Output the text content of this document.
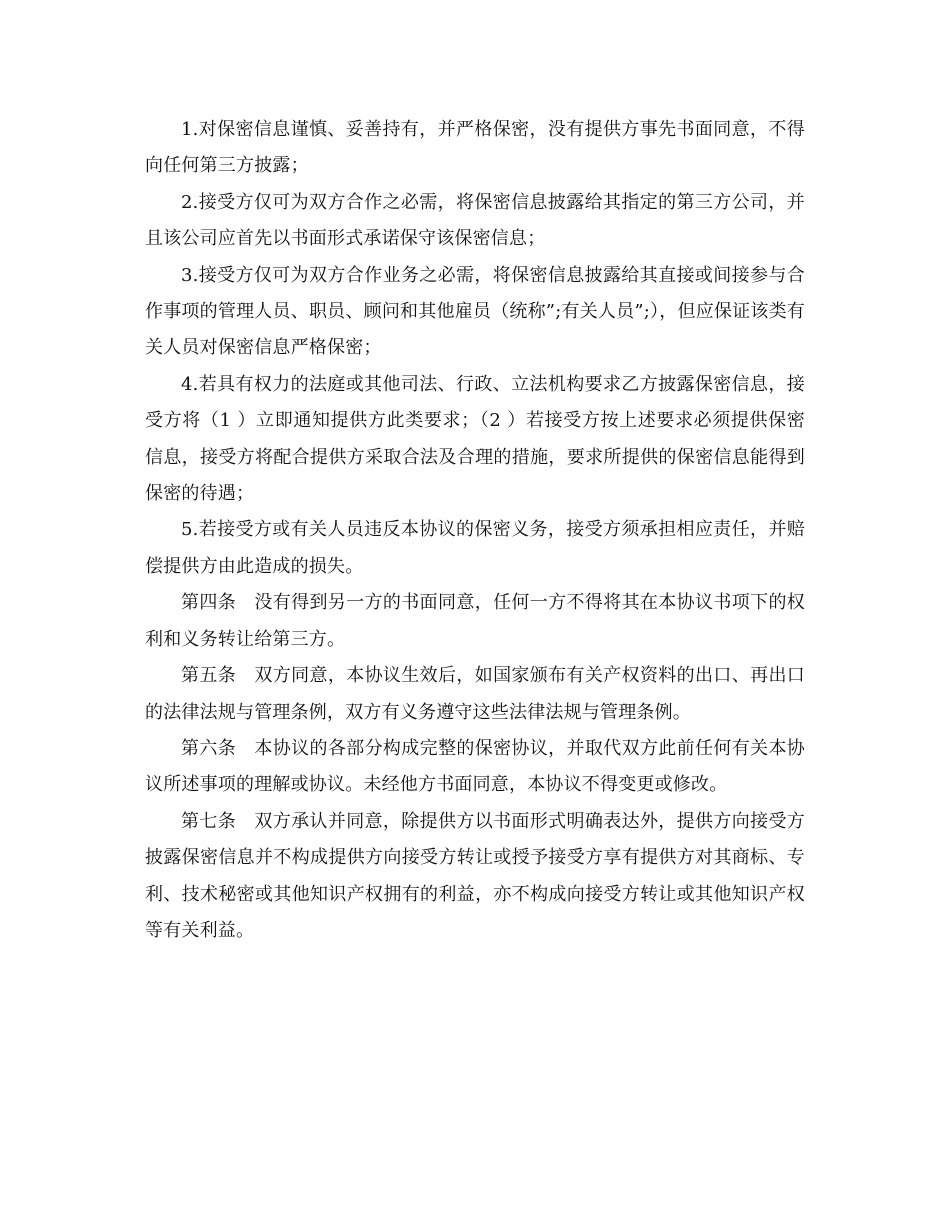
1.对保密信息谨慎、妥善持有，并严格保密，没有提供方事先书面同意，不得向任何第三方披露；

2.接受方仅可为双方合作之必需，将保密信息披露给其指定的第三方公司，并且该公司应首先以书面形式承诺保守该保密信息；

3.接受方仅可为双方合作业务之必需，将保密信息披露给其直接或间接参与合作事项的管理人员、职员、顾问和其他雇员（统称”;有关人员”;），但应保证该类有关人员对保密信息严格保密；

4.若具有权力的法庭或其他司法、行政、立法机构要求乙方披露保密信息，接受方将（1 ）立即通知提供方此类要求；（2 ）若接受方按上述要求必须提供保密信息，接受方将配合提供方采取合法及合理的措施，要求所提供的保密信息能得到保密的待遇；

5.若接受方或有关人员违反本协议的保密义务，接受方须承担相应责任，并赔偿提供方由此造成的损失。

第四条　没有得到另一方的书面同意，任何一方不得将其在本协议书项下的权利和义务转让给第三方。

第五条　双方同意，本协议生效后，如国家颁布有关产权资料的出口、再出口的法律法规与管理条例，双方有义务遵守这些法律法规与管理条例。

第六条　本协议的各部分构成完整的保密协议，并取代双方此前任何有关本协议所述事项的理解或协议。未经他方书面同意，本协议不得变更或修改。

第七条　双方承认并同意，除提供方以书面形式明确表达外，提供方向接受方披露保密信息并不构成提供方向接受方转让或授予接受方享有提供方对其商标、专利、技术秘密或其他知识产权拥有的利益，亦不构成向接受方转让或其他知识产权等有关利益。
